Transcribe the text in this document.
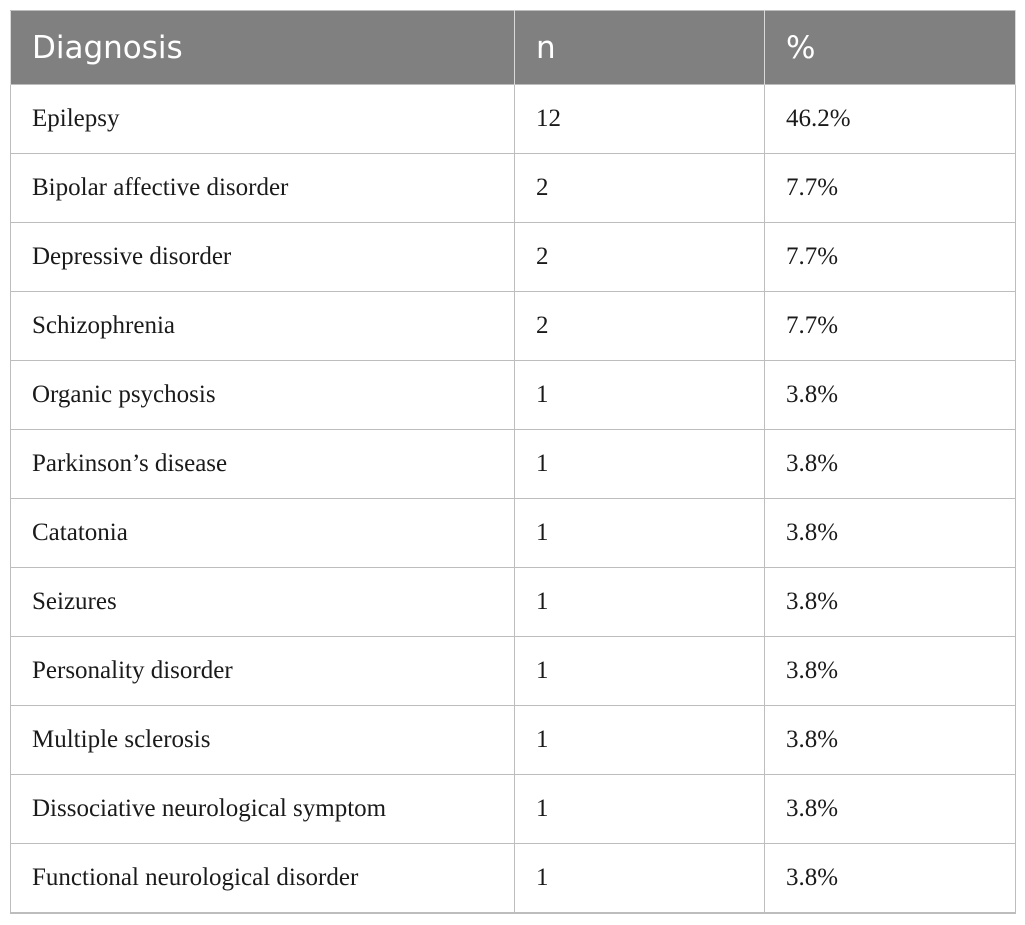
Diagnosis	n	%
Epilepsy	12	46.2%
Bipolar affective disorder	2	7.7%
Depressive disorder	2	7.7%
Schizophrenia	2	7.7%
Organic psychosis	1	3.8%
Parkinson’s disease	1	3.8%
Catatonia	1	3.8%
Seizures	1	3.8%
Personality disorder	1	3.8%
Multiple sclerosis	1	3.8%
Dissociative neurological symptom	1	3.8%
Functional neurological disorder	1	3.8%
